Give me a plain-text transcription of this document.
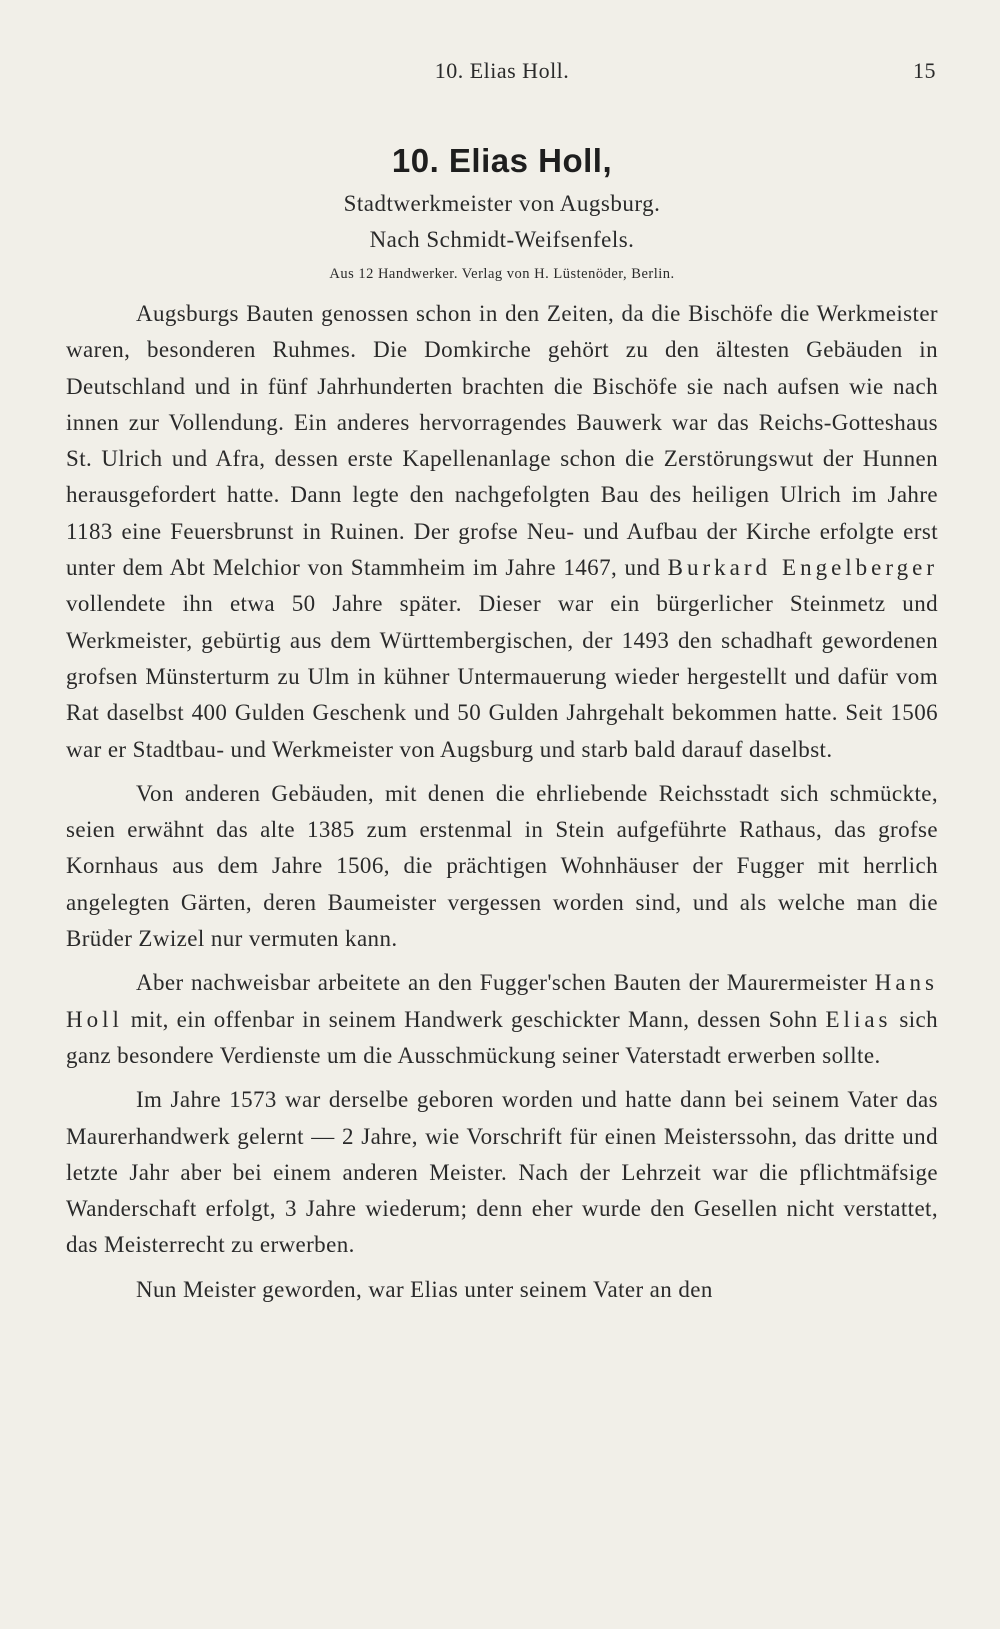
10. Elias Holl.	15
10. Elias Holl,

Stadtwerkmeister von Augsburg.

Nach Schmidt-Weifsenfels.

Aus 12 Handwerker. Verlag von H. Lüstenöder, Berlin.

Augsburgs Bauten genossen schon in den Zeiten, da die Bischöfe die Werkmeister waren, besonderen Ruhmes. Die Domkirche gehört zu den ältesten Gebäuden in Deutschland und in fünf Jahrhunderten brachten die Bischöfe sie nach aufsen wie nach innen zur Vollendung. Ein anderes hervorragendes Bauwerk war das Reichs-Gotteshaus St. Ulrich und Afra, dessen erste Kapellenanlage schon die Zerstörungswut der Hunnen herausgefordert hatte. Dann legte den nachgefolgten Bau des heiligen Ulrich im Jahre 1183 eine Feuersbrunst in Ruinen. Der grofse Neu- und Aufbau der Kirche erfolgte erst unter dem Abt Melchior von Stammheim im Jahre 1467, und Burkard Engelberger vollendete ihn etwa 50 Jahre später. Dieser war ein bürgerlicher Steinmetz und Werkmeister, gebürtig aus dem Württembergischen, der 1493 den schadhaft gewordenen grofsen Münsterturm zu Ulm in kühner Untermauerung wieder hergestellt und dafür vom Rat daselbst 400 Gulden Geschenk und 50 Gulden Jahrgehalt bekommen hatte. Seit 1506 war er Stadtbau- und Werkmeister von Augsburg und starb bald darauf daselbst.

Von anderen Gebäuden, mit denen die ehrliebende Reichsstadt sich schmückte, seien erwähnt das alte 1385 zum erstenmal in Stein aufgeführte Rathaus, das grofse Kornhaus aus dem Jahre 1506, die prächtigen Wohnhäuser der Fugger mit herrlich angelegten Gärten, deren Baumeister vergessen worden sind, und als welche man die Brüder Zwizel nur vermuten kann.

Aber nachweisbar arbeitete an den Fugger'schen Bauten der Maurermeister Hans Holl mit, ein offenbar in seinem Handwerk geschickter Mann, dessen Sohn Elias sich ganz besondere Verdienste um die Ausschmückung seiner Vaterstadt erwerben sollte.

Im Jahre 1573 war derselbe geboren worden und hatte dann bei seinem Vater das Maurerhandwerk gelernt — 2 Jahre, wie Vorschrift für einen Meisterssohn, das dritte und letzte Jahr aber bei einem anderen Meister. Nach der Lehrzeit war die pflichtmäfsige Wanderschaft erfolgt, 3 Jahre wiederum; denn eher wurde den Gesellen nicht verstattet, das Meisterrecht zu erwerben.

Nun Meister geworden, war Elias unter seinem Vater an den
